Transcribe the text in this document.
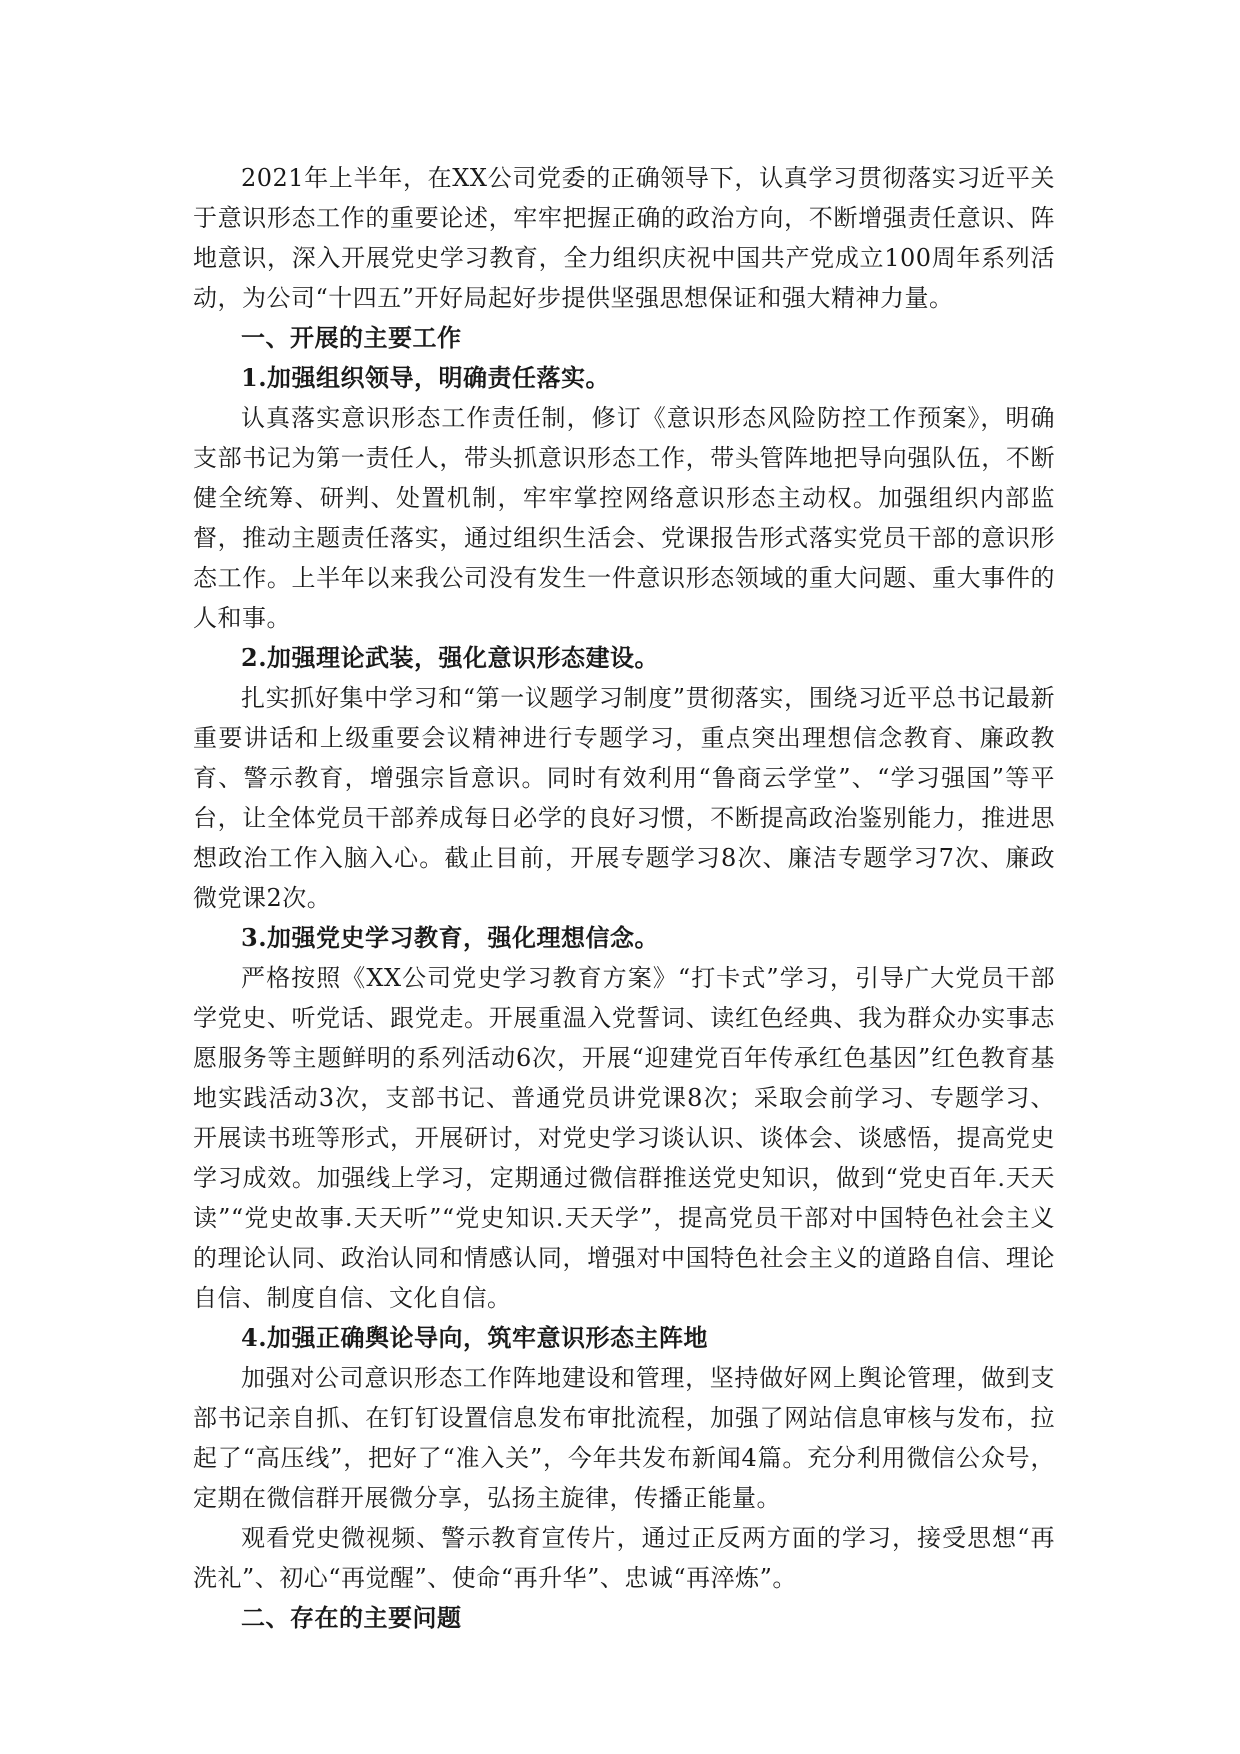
2021年上半年，在XX公司党委的正确领导下，认真学习贯彻落实习近平关于意识形态工作的重要论述，牢牢把握正确的政治方向，不断增强责任意识、阵地意识，深入开展党史学习教育，全力组织庆祝中国共产党成立100周年系列活动，为公司“十四五”开好局起好步提供坚强思想保证和强大精神力量。

一、开展的主要工作

1.加强组织领导，明确责任落实。

认真落实意识形态工作责任制，修订《意识形态风险防控工作预案》，明确支部书记为第一责任人，带头抓意识形态工作，带头管阵地把导向强队伍，不断健全统筹、研判、处置机制，牢牢掌控网络意识形态主动权。加强组织内部监督，推动主题责任落实，通过组织生活会、党课报告形式落实党员干部的意识形态工作。上半年以来我公司没有发生一件意识形态领域的重大问题、重大事件的人和事。

2.加强理论武装，强化意识形态建设。

扎实抓好集中学习和“第一议题学习制度”贯彻落实，围绕习近平总书记最新重要讲话和上级重要会议精神进行专题学习，重点突出理想信念教育、廉政教育、警示教育，增强宗旨意识。同时有效利用“鲁商云学堂”、“学习强国”等平台，让全体党员干部养成每日必学的良好习惯，不断提高政治鉴别能力，推进思想政治工作入脑入心。截止目前，开展专题学习8次、廉洁专题学习7次、廉政微党课2次。

3.加强党史学习教育，强化理想信念。

严格按照《XX公司党史学习教育方案》“打卡式”学习，引导广大党员干部学党史、听党话、跟党走。开展重温入党誓词、读红色经典、我为群众办实事志愿服务等主题鲜明的系列活动6次，开展“迎建党百年传承红色基因”红色教育基地实践活动3次，支部书记、普通党员讲党课8次；采取会前学习、专题学习、开展读书班等形式，开展研讨，对党史学习谈认识、谈体会、谈感悟，提高党史学习成效。加强线上学习，定期通过微信群推送党史知识，做到“党史百年.天天读”“党史故事.天天听”“党史知识.天天学”，提高党员干部对中国特色社会主义的理论认同、政治认同和情感认同，增强对中国特色社会主义的道路自信、理论自信、制度自信、文化自信。

4.加强正确舆论导向，筑牢意识形态主阵地

加强对公司意识形态工作阵地建设和管理，坚持做好网上舆论管理，做到支部书记亲自抓、在钉钉设置信息发布审批流程，加强了网站信息审核与发布，拉起了“高压线”，把好了“准入关”，今年共发布新闻4篇。充分利用微信公众号，定期在微信群开展微分享，弘扬主旋律，传播正能量。

观看党史微视频、警示教育宣传片，通过正反两方面的学习，接受思想“再洗礼”、初心“再觉醒”、使命“再升华”、忠诚“再淬炼”。

二、存在的主要问题
